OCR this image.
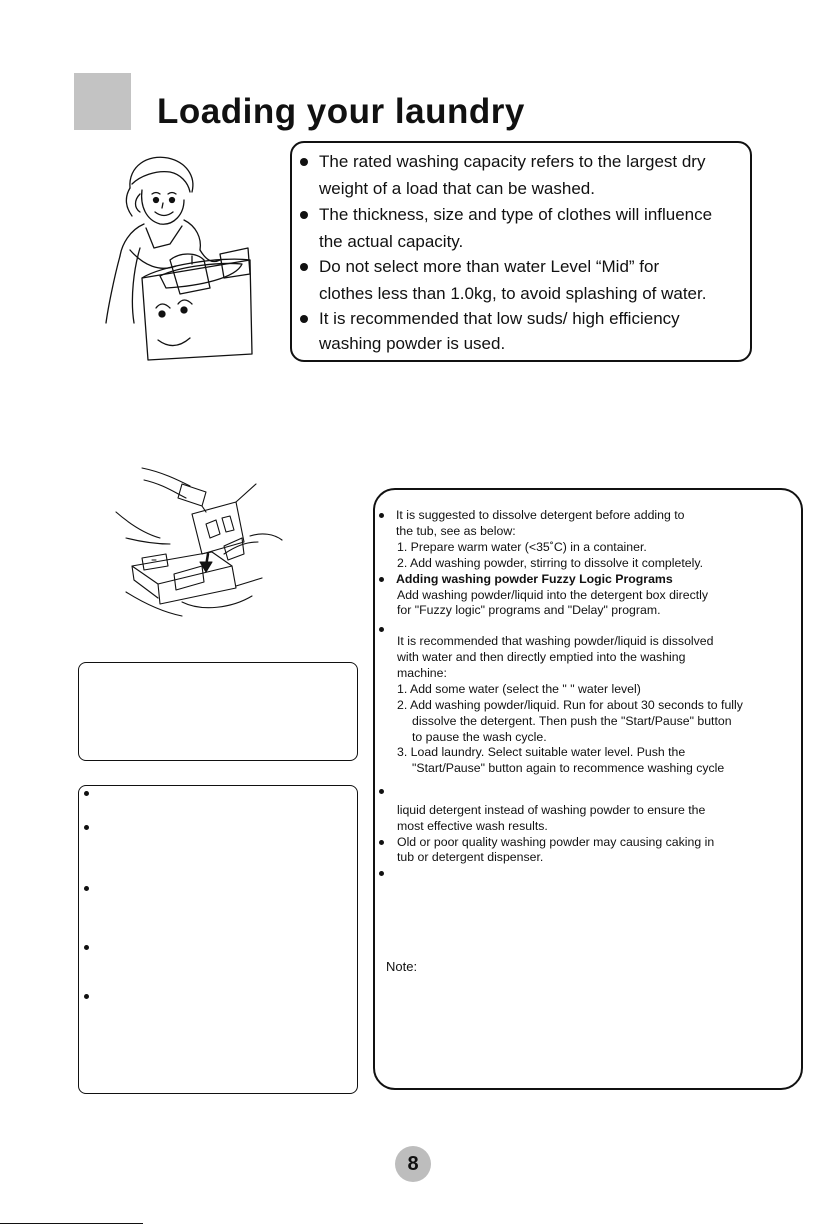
Loading your laundry
The rated washing capacity refers to the largest dry
weight of a load that can be washed.
The thickness, size and type of clothes will influence
the actual capacity.
Do not select more than water Level “Mid” for
clothes less than 1.0kg, to avoid splashing of water.
It is recommended that low suds/ high efficiency
washing powder is used.
It is suggested to dissolve detergent before adding to
the tub, see as below:
1. Prepare warm water (<35˚C) in a container.
2. Add washing powder, stirring to dissolve it completely.
Adding washing powder Fuzzy Logic Programs
Add washing powder/liquid into the detergent box directly
for "Fuzzy logic" programs and "Delay" program.
It is recommended that washing powder/liquid is dissolved
with water and then directly emptied into the washing
machine:
1. Add some water (select the " " water level)
2. Add washing powder/liquid. Run for about 30 seconds to fully
dissolve the detergent. Then push the "Start/Pause" button
to pause the wash cycle.
3. Load laundry. Select suitable water level. Push the
"Start/Pause" button again to recommence washing cycle
liquid detergent instead of washing powder to ensure the
most effective wash results.
Old or poor quality washing powder may causing caking in
tub or detergent dispenser.
Note:
8
